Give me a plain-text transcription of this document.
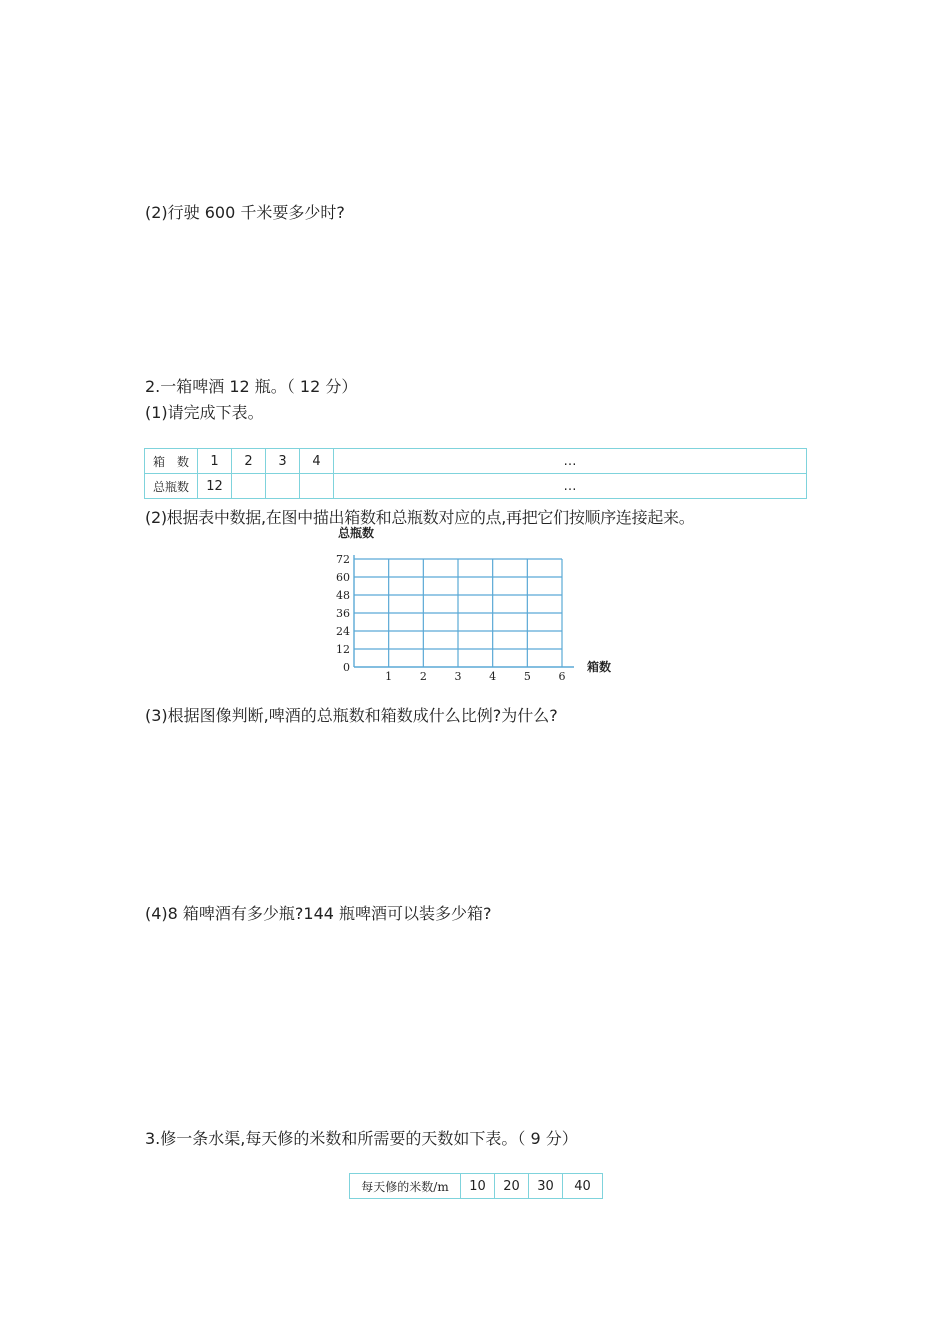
(2)行驶 600 千米要多少时?
2.一箱啤酒 12 瓶。（ 12 分）
(1)请完成下表。
箱　数	1	2	3	4	…
总瓶数	12				…
(2)根据表中数据,在图中描出箱数和总瓶数对应的点,再把它们按顺序连接起来。
1	2	3	4	5	6
0
12
24
36
48
60
72
总瓶数
箱数
(3)根据图像判断,啤酒的总瓶数和箱数成什么比例?为什么?
(4)8 箱啤酒有多少瓶?144 瓶啤酒可以装多少箱?
3.修一条水渠,每天修的米数和所需要的天数如下表。（ 9 分）
每天修的米数/m	10	20	30	40
